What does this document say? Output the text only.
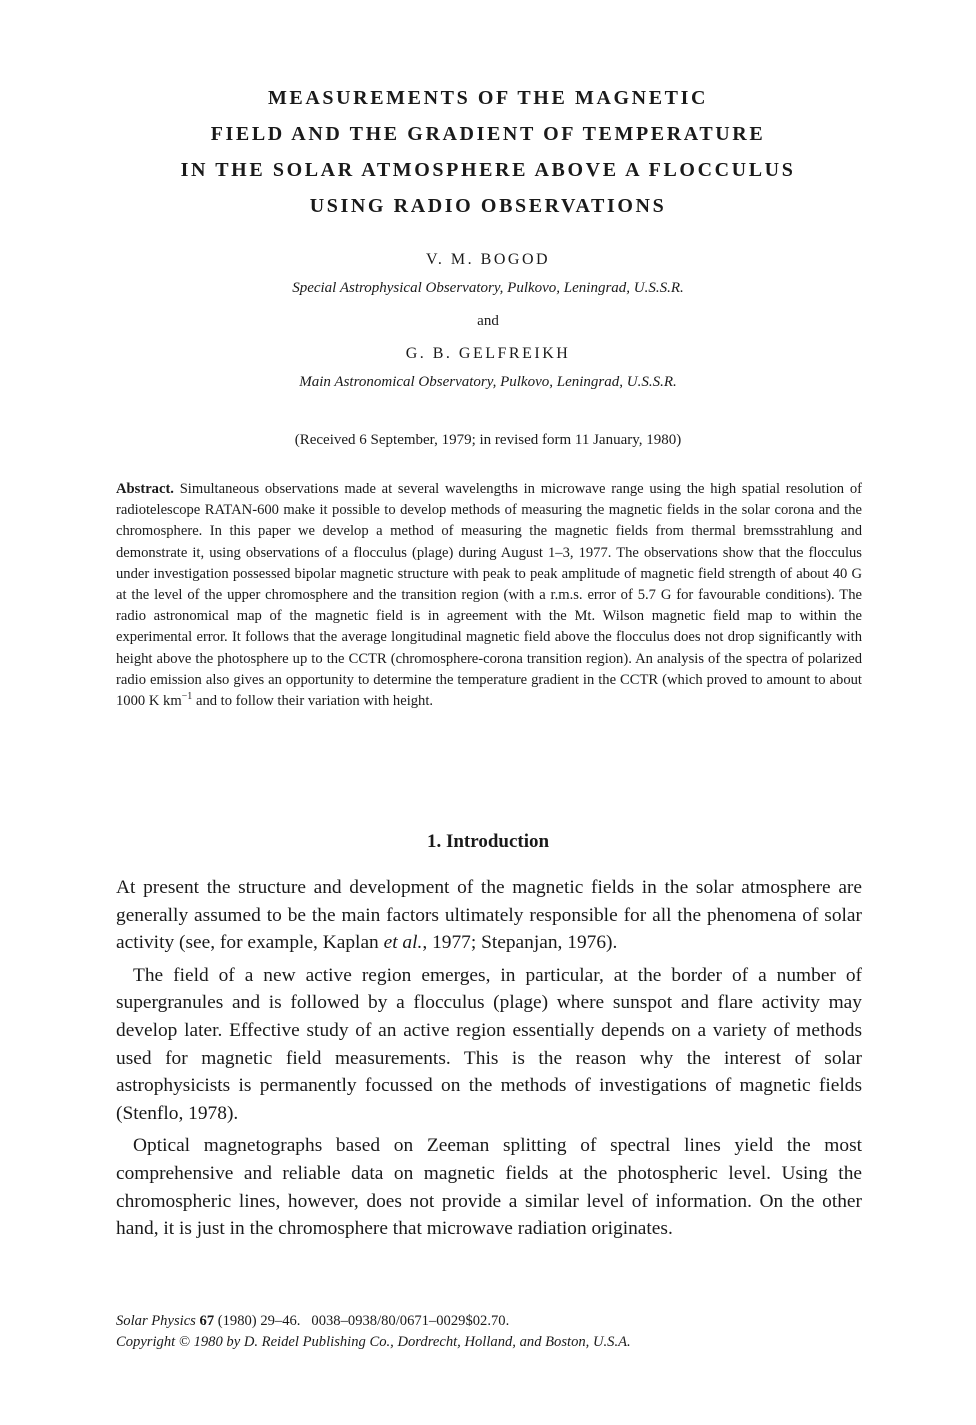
MEASUREMENTS OF THE MAGNETIC
FIELD AND THE GRADIENT OF TEMPERATURE
IN THE SOLAR ATMOSPHERE ABOVE A FLOCCULUS
USING RADIO OBSERVATIONS
V. M. BOGOD
Special Astrophysical Observatory, Pulkovo, Leningrad, U.S.S.R.
and
G. B. GELFREIKH
Main Astronomical Observatory, Pulkovo, Leningrad, U.S.S.R.
(Received 6 September, 1979; in revised form 11 January, 1980)

Abstract. Simultaneous observations made at several wavelengths in microwave range using the high spatial resolution of radiotelescope RATAN-600 make it possible to develop methods of measuring the magnetic fields in the solar corona and the chromosphere. In this paper we develop a method of measuring the magnetic fields from thermal bremsstrahlung and demonstrate it, using observations of a flocculus (plage) during August 1–3, 1977. The observations show that the flocculus under investigation possessed bipolar magnetic structure with peak to peak amplitude of magnetic field strength of about 40 G at the level of the upper chromosphere and the transition region (with a r.m.s. error of 5.7 G for favourable conditions). The radio astronomical map of the magnetic field is in agreement with the Mt. Wilson magnetic field map to within the experimental error. It follows that the average longitudinal magnetic field above the flocculus does not drop significantly with height above the photosphere up to the CCTR (chromosphere-corona transition region). An analysis of the spectra of polarized radio emission also gives an opportunity to determine the temperature gradient in the CCTR (which proved to amount to about 1000 K $km^{-1}$ and to follow their variation with height.

1. Introduction

At present the structure and development of the magnetic fields in the solar atmosphere are generally assumed to be the main factors ultimately responsible for all the phenomena of solar activity (see, for example, Kaplan et al., 1977; Stepanjan, 1976).

The field of a new active region emerges, in particular, at the border of a number of supergranules and is followed by a flocculus (plage) where sunspot and flare activity may develop later. Effective study of an active region essentially depends on a variety of methods used for magnetic field measurements. This is the reason why the interest of solar astrophysicists is permanently focussed on the methods of investigations of magnetic fields (Stenflo, 1978).

Optical magnetographs based on Zeeman splitting of spectral lines yield the most comprehensive and reliable data on magnetic fields at the photospheric level. Using the chromospheric lines, however, does not provide a similar level of information. On the other hand, it is just in the chromosphere that microwave radiation originates.

Solar Physics 67 (1980) 29–46. 0038–0938/80/0671–0029$02.70.
Copyright © 1980 by D. Reidel Publishing Co., Dordrecht, Holland, and Boston, U.S.A.
